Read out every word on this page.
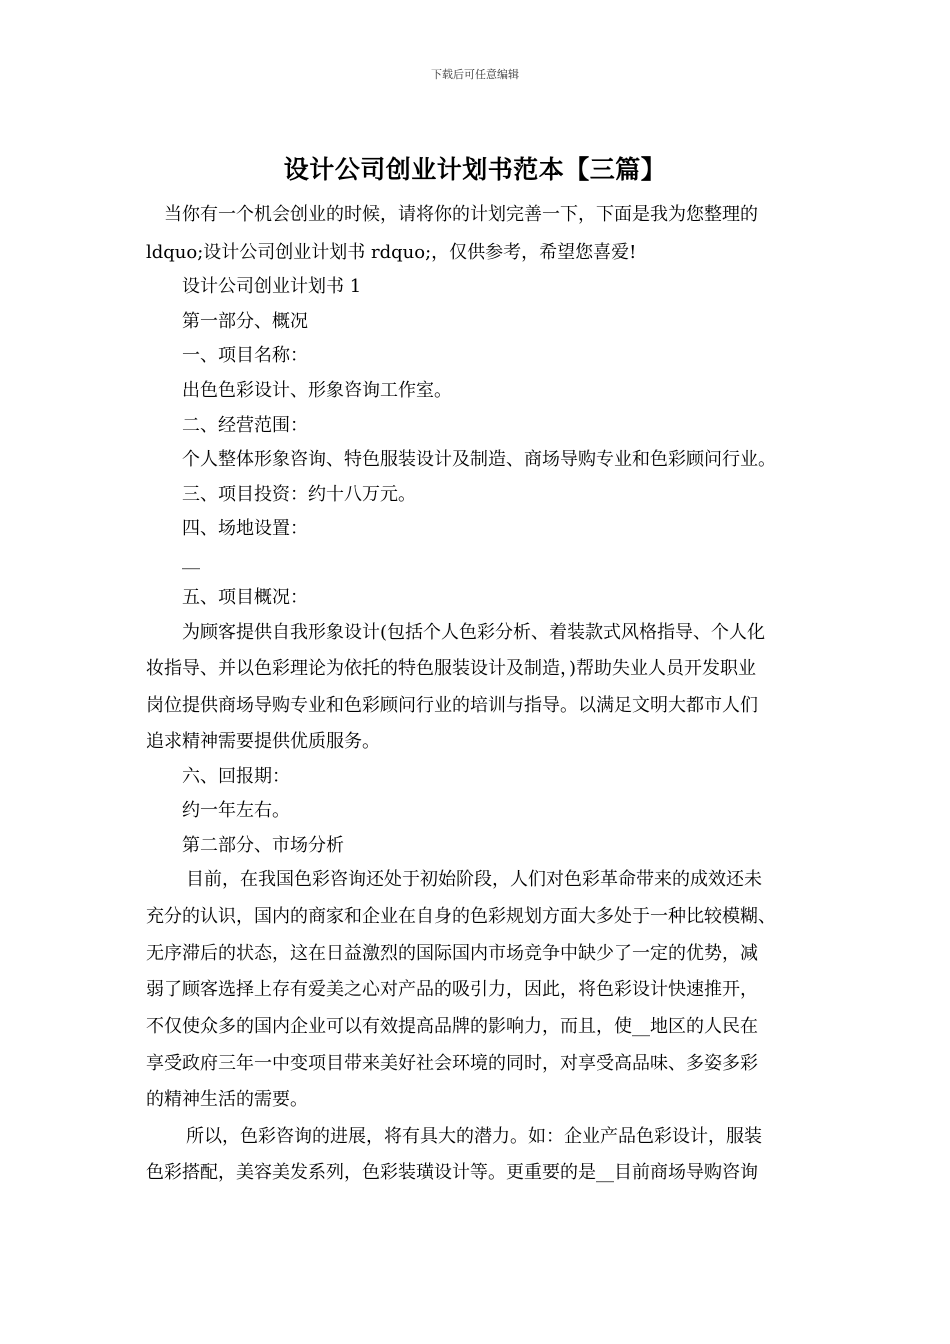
下载后可任意编辑
设计公司创业计划书范本【三篇】
当你有一个机会创业的时候，请将你的计划完善一下，下面是我为您整理的
ldquo;设计公司创业计划书 rdquo;，仅供参考，希望您喜爱!
设计公司创业计划书 1
第一部分、概况
一、项目名称：
出色色彩设计、形象咨询工作室。
二、经营范围：
个人整体形象咨询、特色服装设计及制造、商场导购专业和色彩顾问行业。
三、项目投资：约十八万元。
四、场地设置：
__
五、项目概况：
为顾客提供自我形象设计(包括个人色彩分析、着装款式风格指导、个人化
妆指导、并以色彩理论为依托的特色服装设计及制造，)帮助失业人员开发职业
岗位提供商场导购专业和色彩顾问行业的培训与指导。以满足文明大都市人们
追求精神需要提供优质服务。
六、回报期：
约一年左右。
第二部分、市场分析
目前，在我国色彩咨询还处于初始阶段，人们对色彩革命带来的成效还未
充分的认识，国内的商家和企业在自身的色彩规划方面大多处于一种比较模糊、
无序滞后的状态，这在日益激烈的国际国内市场竞争中缺少了一定的优势，减
弱了顾客选择上存有爱美之心对产品的吸引力，因此，将色彩设计快速推开，
不仅使众多的国内企业可以有效提高品牌的影响力，而且，使__地区的人民在
享受政府三年一中变项目带来美好社会环境的同时，对享受高品味、多姿多彩
的精神生活的需要。
所以，色彩咨询的进展，将有具大的潜力。如：企业产品色彩设计，服装
色彩搭配，美容美发系列，色彩装璜设计等。更重要的是__目前商场导购咨询
